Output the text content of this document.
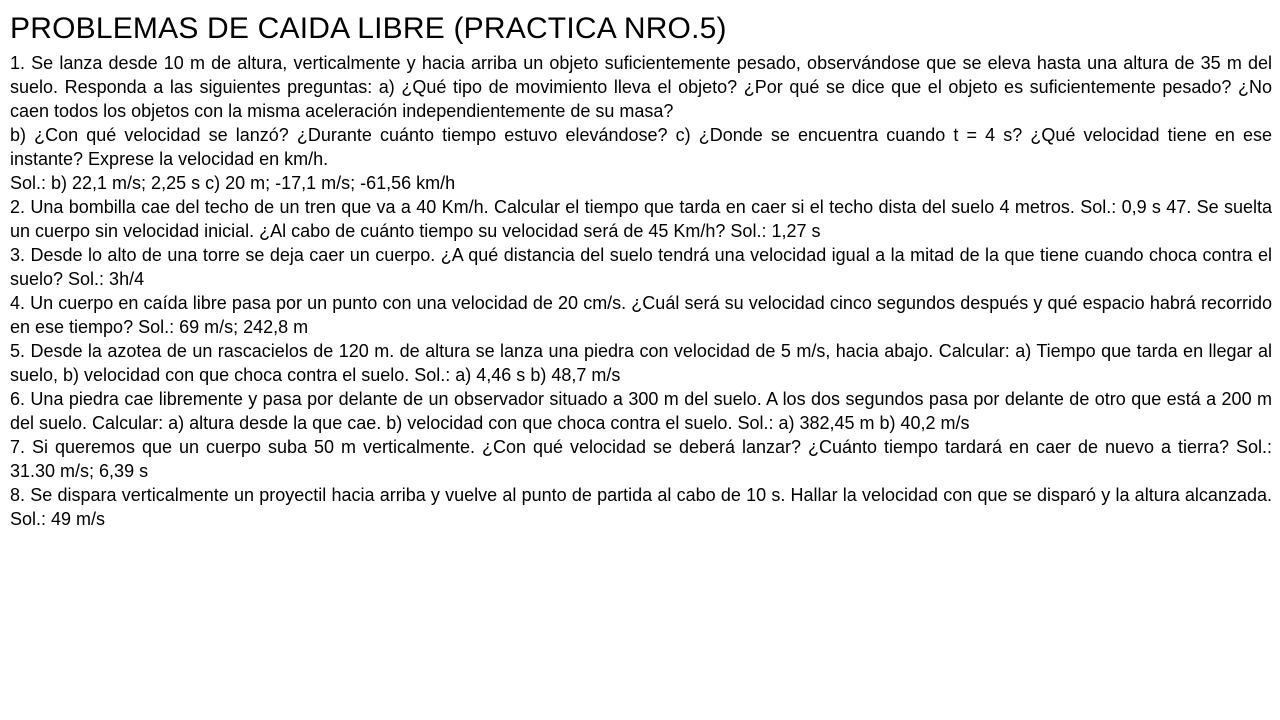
PROBLEMAS DE CAIDA LIBRE (PRACTICA NRO.5)

1. Se lanza desde 10 m de altura, verticalmente y hacia arriba un objeto suficientemente pesado, observándose que se eleva hasta una altura de 35 m del suelo. Responda a las siguientes preguntas: a) ¿Qué tipo de movimiento lleva el objeto? ¿Por qué se dice que el objeto es suficientemente pesado? ¿No caen todos los objetos con la misma aceleración independientemente de su masa?

b) ¿Con qué velocidad se lanzó? ¿Durante cuánto tiempo estuvo elevándose? c) ¿Donde se encuentra cuando t = 4 s? ¿Qué velocidad tiene en ese instante? Exprese la velocidad en km/h.

Sol.: b) 22,1 m/s; 2,25 s c) 20 m; -17,1 m/s; -61,56 km/h

2. Una bombilla cae del techo de un tren que va a 40 Km/h. Calcular el tiempo que tarda en caer si el techo dista del suelo 4 metros. Sol.: 0,9 s 47. Se suelta un cuerpo sin velocidad inicial. ¿Al cabo de cuánto tiempo su velocidad será de 45 Km/h? Sol.: 1,27 s

3. Desde lo alto de una torre se deja caer un cuerpo. ¿A qué distancia del suelo tendrá una velocidad igual a la mitad de la que tiene cuando choca contra el suelo? Sol.: 3h/4

4. Un cuerpo en caída libre pasa por un punto con una velocidad de 20 cm/s. ¿Cuál será su velocidad cinco segundos después y qué espacio habrá recorrido en ese tiempo? Sol.: 69 m/s; 242,8 m

5. Desde la azotea de un rascacielos de 120 m. de altura se lanza una piedra con velocidad de 5 m/s, hacia abajo. Calcular: a) Tiempo que tarda en llegar al suelo, b) velocidad con que choca contra el suelo. Sol.: a) 4,46 s b) 48,7 m/s

6. Una piedra cae libremente y pasa por delante de un observador situado a 300 m del suelo. A los dos segundos pasa por delante de otro que está a 200 m del suelo. Calcular: a) altura desde la que cae. b) velocidad con que choca contra el suelo. Sol.: a) 382,45 m b) 40,2 m/s

7. Si queremos que un cuerpo suba 50 m verticalmente. ¿Con qué velocidad se deberá lanzar? ¿Cuánto tiempo tardará en caer de nuevo a tierra? Sol.: 31.30 m/s; 6,39 s

8. Se dispara verticalmente un proyectil hacia arriba y vuelve al punto de partida al cabo de 10 s. Hallar la velocidad con que se disparó y la altura alcanzada. Sol.: 49 m/s
